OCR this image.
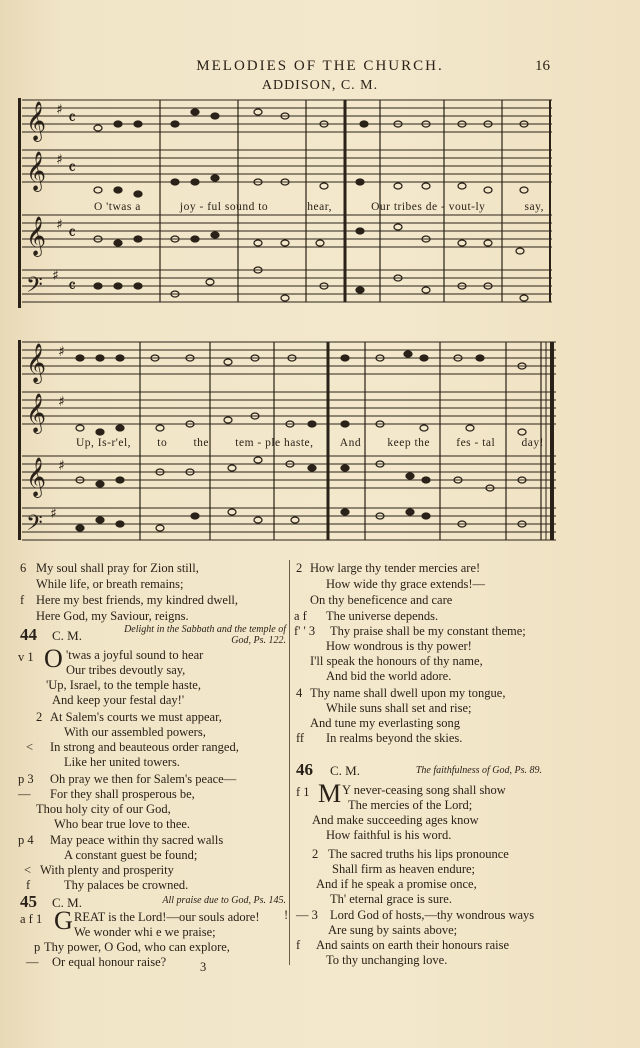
MELODIES OF THE CHURCH.	16
ADDISON, C. M.
𝄞
𝄞
𝄞
𝄢
♯
♯
♯
♯
𝄴
𝄴
𝄴
𝄴
O 'twas a	joy - ful sound to	hear,	Our tribes de - vout-ly	say,
𝄞
𝄞
𝄞
𝄢
♯
♯
♯
♯
Up, Is-r'el, to the tem - ple haste, And keep the fes - tal day!
6 My soul shall pray for Zion still,
While life, or breath remains;
f Here my best friends, my kindred dwell,
Here God, my Saviour, reigns.
44 C. M.	Delight in the Sabbath and the temple of God, Ps. 122.
v 1 O 'twas a joyful sound to hear
Our tribes devoutly say,
'Up, Israel, to the temple haste,
And keep your festal day!'
2 At Salem's courts we must appear,
With our assembled powers,
< In strong and beauteous order ranged,
Like her united towers.
p 3 Oh pray we then for Salem's peace—
— For they shall prosperous be,
Thou holy city of our God,
Who bear true love to thee.
p 4 May peace within thy sacred walls
A constant guest be found;
< With plenty and prosperity
f	Thy palaces be crowned.
45 C. M.	All praise due to God, Ps. 145.
a f 1 G REAT is the Lord!—our souls adore!
We wonder whi e we praise;
p Thy power, O God, who can explore,
— Or equal honour raise?	3
2 How large thy tender mercies are!
How wide thy grace extends!—
On thy beneficence and care
a f The universe depends.
f' ' 3 Thy praise shall be my constant theme;
How wondrous is thy power!
I'll speak the honours of thy name,
And bid the world adore.
4 Thy name shall dwell upon my tongue,
While suns shall set and rise;
And tune my everlasting song
ff In realms beyond the skies.
46 C. M.	The faithfulness of God, Ps. 89.
f 1 M Y never-ceasing song shall show
The mercies of the Lord;
And make succeeding ages know
How faithful is his word.
2 The sacred truths his lips pronounce
Shall firm as heaven endure;
And if he speak a promise once,
Th' eternal grace is sure.
! — 3 Lord God of hosts,—thy wondrous ways
Are sung by saints above;
f And saints on earth their honours raise
To thy unchanging love.
